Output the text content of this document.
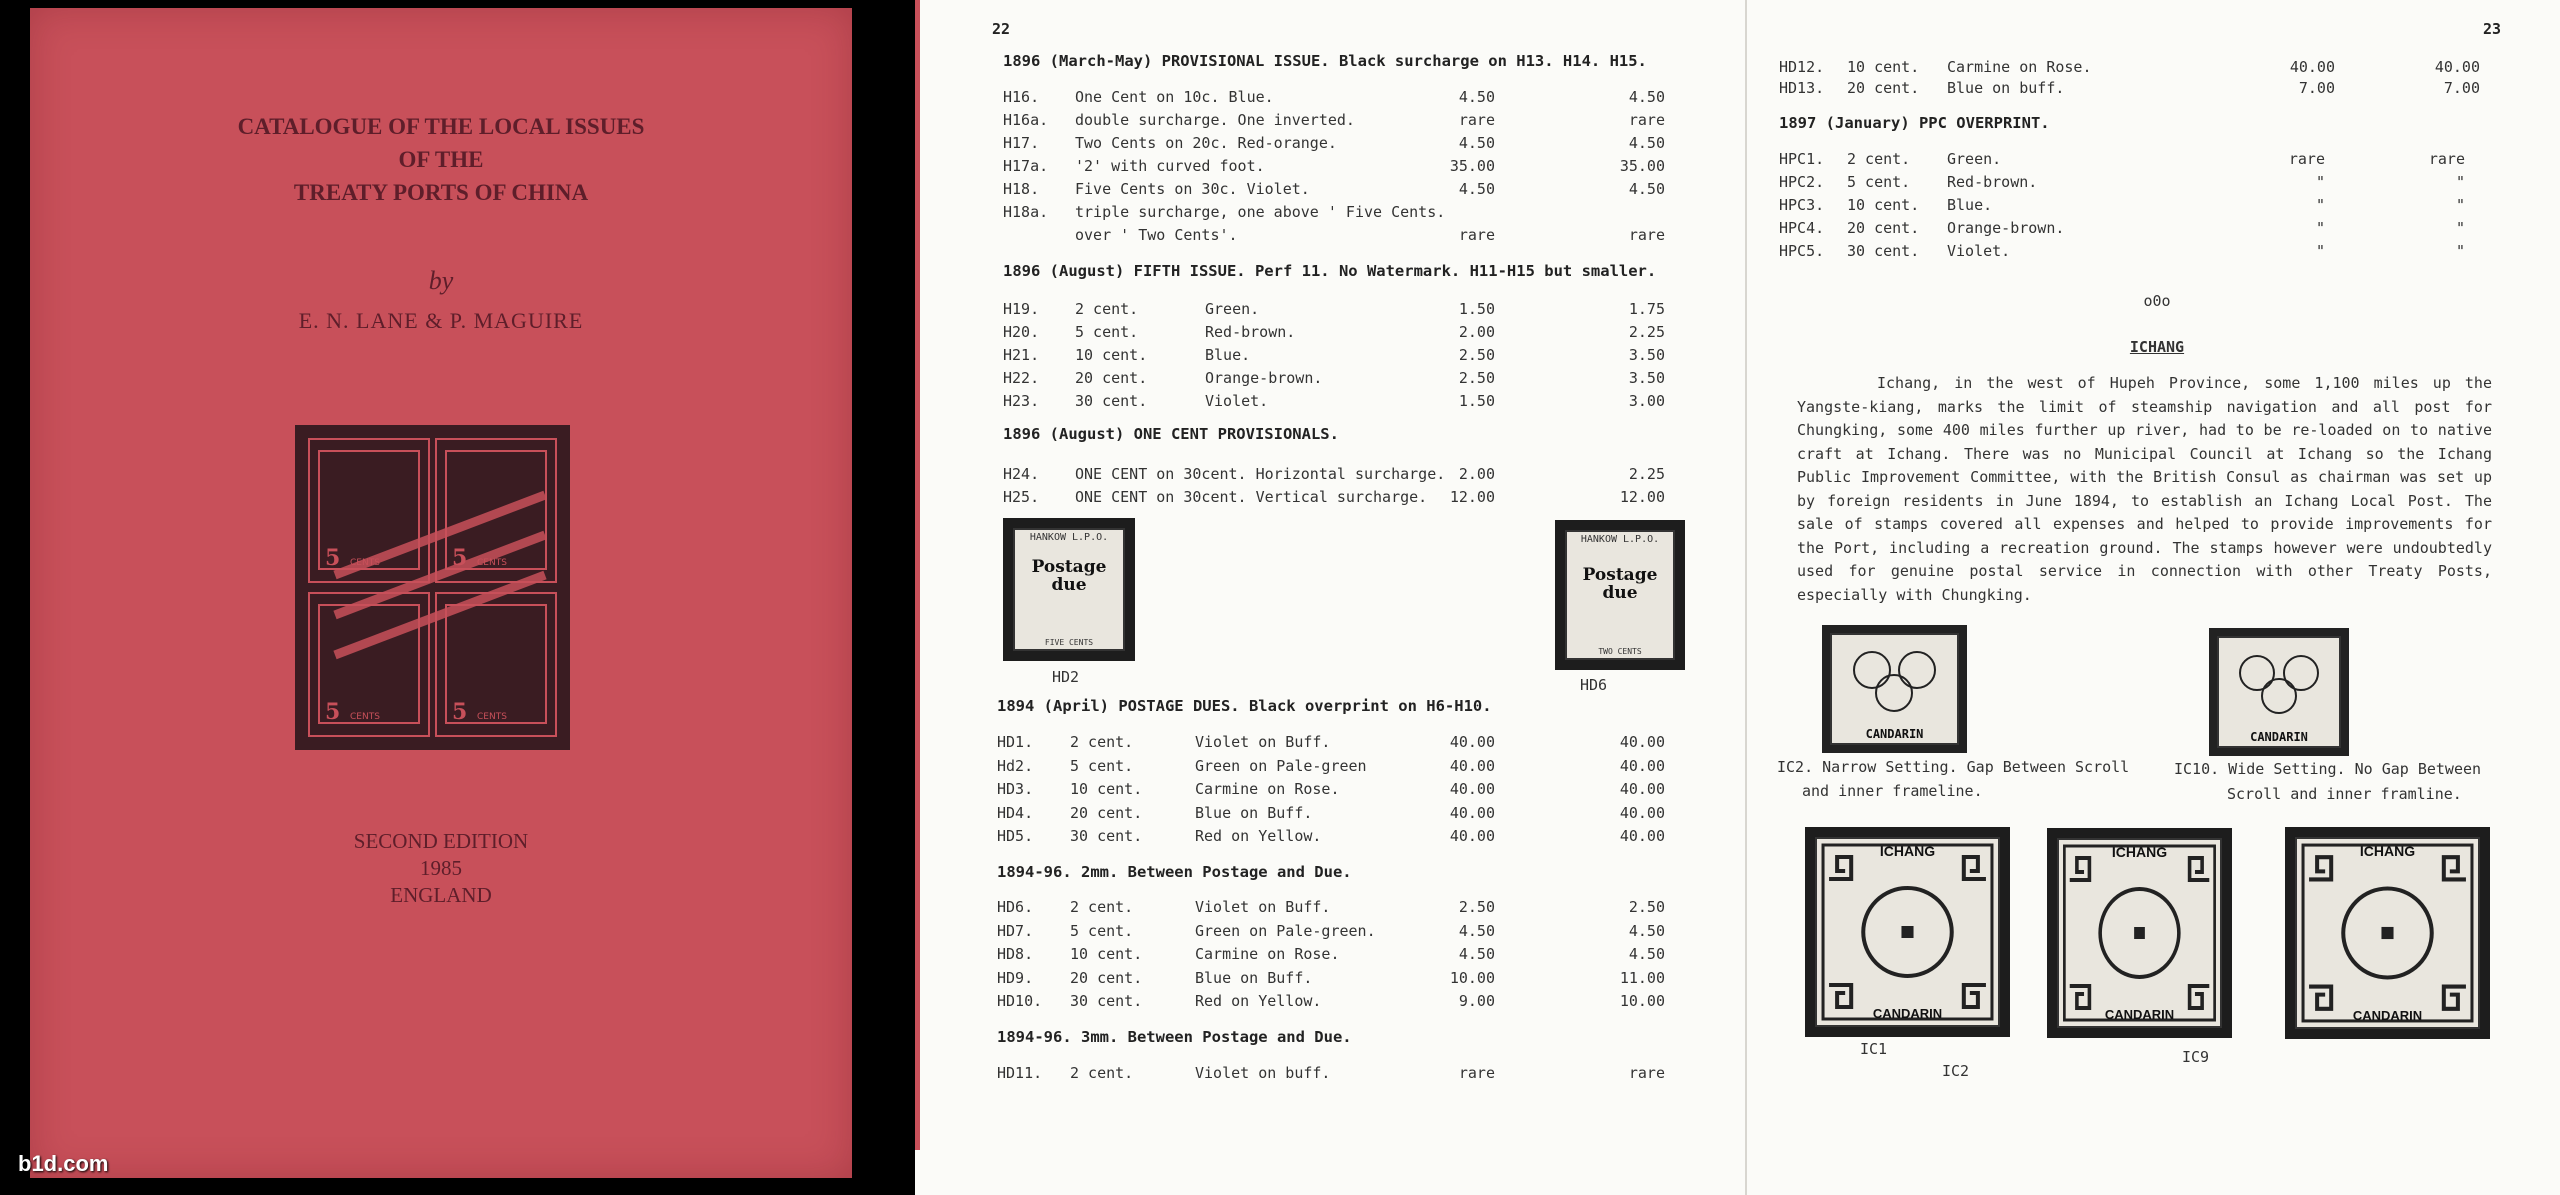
CATALOGUE OF THE LOCAL ISSUES
OF THE
TREATY PORTS OF CHINA
by
E. N. LANE & P. MAGUIRE
5	5
5	5
CENTS	CENTS
CENTS	CENTS
SECOND EDITION
1985
ENGLAND
b1d.com
22
1896 (March-May) PROVISIONAL ISSUE. Black surcharge on H13. H14. H15.
H16. One Cent on 10c. Blue.	4.50	4.50
H16a. double surcharge. One inverted.	rare	rare
H17. Two Cents on 20c. Red-orange.	4.50	4.50
H17a. '2' with curved foot.	35.00	35.00
H18. Five Cents on 30c. Violet.	4.50	4.50
H18a. triple surcharge, one above ' Five Cents.
over ' Two Cents'.	rare	rare
1896 (August) FIFTH ISSUE. Perf 11. No Watermark. H11-H15 but smaller.
H19. 2 cent.	Green.	1.50	1.75
H20. 5 cent.	Red-brown.	2.00	2.25
H21. 10 cent.	Blue.	2.50	3.50
H22. 20 cent.	Orange-brown.	2.50	3.50
H23. 30 cent.	Violet.	1.50	3.00
1896 (August) ONE CENT PROVISIONALS.
H24. ONE CENT on 30cent. Horizontal surcharge. 2.00	2.25
H25. ONE CENT on 30cent. Vertical surcharge. 12.00	12.00
1894 (April) POSTAGE DUES. Black overprint on H6-H10.
HD1. 2 cent.	Violet on Buff.	40.00	40.00
Hd2. 5 cent.	Green on Pale-green	40.00	40.00
HD3. 10 cent.	Carmine on Rose.	40.00	40.00
HD4. 20 cent.	Blue on Buff.	40.00	40.00
HD5. 30 cent.	Red on Yellow.	40.00	40.00
1894-96. 2mm. Between Postage and Due.
HD6. 2 cent.	Violet on Buff.	2.50	2.50
HD7. 5 cent.	Green on Pale-green.	4.50	4.50
HD8. 10 cent.	Carmine on Rose.	4.50	4.50
HD9. 20 cent.	Blue on Buff.	10.00	11.00
HD10. 30 cent.	Red on Yellow.	9.00	10.00
1894-96. 3mm. Between Postage and Due.
HD11. 2 cent.	Violet on buff.	rare	rare
HANKOW L.P.O.
Postage due
FIVE CENTS
HD2
HANKOW L.P.O.
Postage due
TWO CENTS
HD6
23
HD12. 10 cent. Carmine on Rose.	40.00	40.00
HD13. 20 cent. Blue on buff.	7.00	7.00
1897 (January) PPC OVERPRINT.
HPC1. 2 cent. Green.	rare	rare
HPC2. 5 cent. Red-brown.	"	"
HPC3. 10 cent. Blue.	"	"
HPC4. 20 cent. Orange-brown.	"	"
HPC5. 30 cent. Violet.	"	"
o0o
ICHANG
Ichang, in the west of Hupeh Province, some 1,100 miles up the Yangste-kiang, marks the limit of steamship navigation and all post for Chungking, some 400 miles further up river, had to be re-loaded on to native craft at Ichang. There was no Municipal Council at Ichang so the Ichang Public Improvement Committee, with the British Consul as chairman was set up by foreign residents in June 1894, to establish an Ichang Local Post. The sale of stamps covered all expenses and helped to provide improvements for the Port, including a recreation ground. The stamps however were undoubtedly used for genuine postal service in connection with other Treaty Posts, especially with Chungking.
CANDARIN
IC2. Narrow Setting. Gap Between Scroll
and inner frameline.
CANDARIN
IC10. Wide Setting. No Gap Between
Scroll and inner framline.
ICHANG
CANDARIN
IC1
ICHANG
CANDARIN
IC2
ICHANG
CANDARIN
IC9
